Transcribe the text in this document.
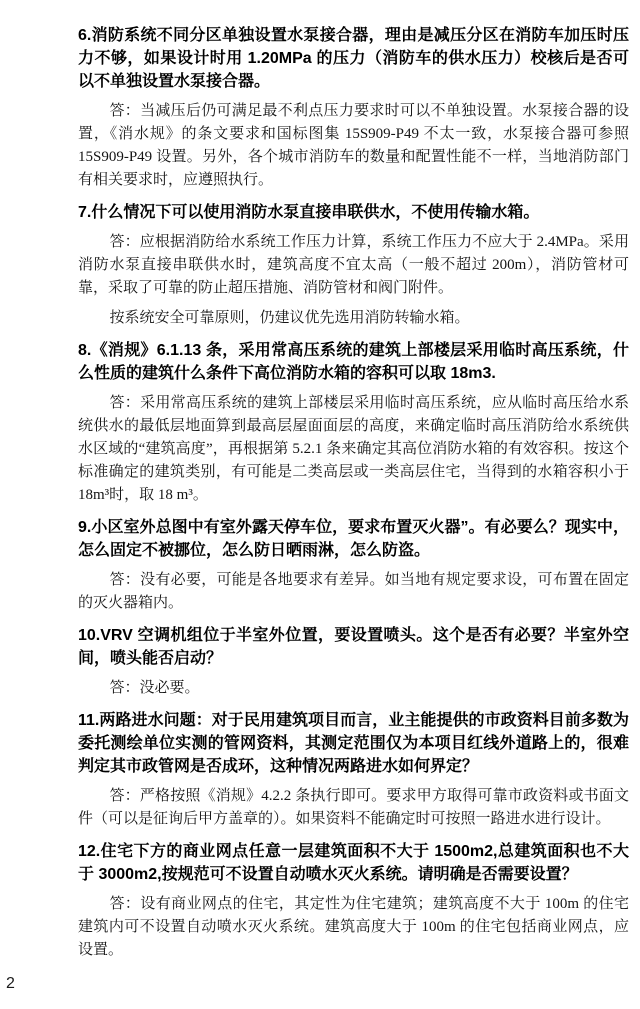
6.消防系统不同分区单独设置水泵接合器，理由是减压分区在消防车加压时压力不够，如果设计时用 1.20MPa 的压力（消防车的供水压力）校核后是否可以不单独设置水泵接合器。

答：当减压后仍可满足最不利点压力要求时可以不单独设置。水泵接合器的设置，《消水规》的条文要求和国标图集 15S909-P49 不太一致，水泵接合器可参照 15S909-P49 设置。另外，各个城市消防车的数量和配置性能不一样，当地消防部门有相关要求时，应遵照执行。

7.什么情况下可以使用消防水泵直接串联供水，不使用传输水箱。

答：应根据消防给水系统工作压力计算，系统工作压力不应大于 2.4MPa。采用消防水泵直接串联供水时，建筑高度不宜太高（一般不超过 200m），消防管材可靠，采取了可靠的防止超压措施、消防管材和阀门附件。

按系统安全可靠原则，仍建议优先选用消防转输水箱。

8.《消规》6.1.13 条，采用常高压系统的建筑上部楼层采用临时高压系统，什么性质的建筑什么条件下高位消防水箱的容积可以取 18m3.

答：采用常高压系统的建筑上部楼层采用临时高压系统，应从临时高压给水系统供水的最低层地面算到最高层屋面面层的高度，来确定临时高压消防给水系统供水区域的“建筑高度”，再根据第 5.2.1 条来确定其高位消防水箱的有效容积。按这个标准确定的建筑类别，有可能是二类高层或一类高层住宅，当得到的水箱容积小于 18m³时，取 18 m³。

9.小区室外总图中有室外露天停车位，要求布置灭火器”。有必要么？现实中，怎么固定不被挪位，怎么防日晒雨淋，怎么防盗。

答：没有必要，可能是各地要求有差异。如当地有规定要求设，可布置在固定的灭火器箱内。

10.VRV 空调机组位于半室外位置，要设置喷头。这个是否有必要？半室外空间，喷头能否启动？

答：没必要。

11.两路进水问题：对于民用建筑项目而言，业主能提供的市政资料目前多数为委托测绘单位实测的管网资料，其测定范围仅为本项目红线外道路上的，很难判定其市政管网是否成环，这种情况两路进水如何界定？

答：严格按照《消规》4.2.2 条执行即可。要求甲方取得可靠市政资料或书面文件（可以是征询后甲方盖章的）。如果资料不能确定时可按照一路进水进行设计。

12.住宅下方的商业网点任意一层建筑面积不大于 1500m2,总建筑面积也不大于 3000m2,按规范可不设置自动喷水灭火系统。请明确是否需要设置？

答：设有商业网点的住宅，其定性为住宅建筑；建筑高度不大于 100m 的住宅建筑内可不设置自动喷水灭火系统。建筑高度大于 100m 的住宅包括商业网点，应设置。

2
